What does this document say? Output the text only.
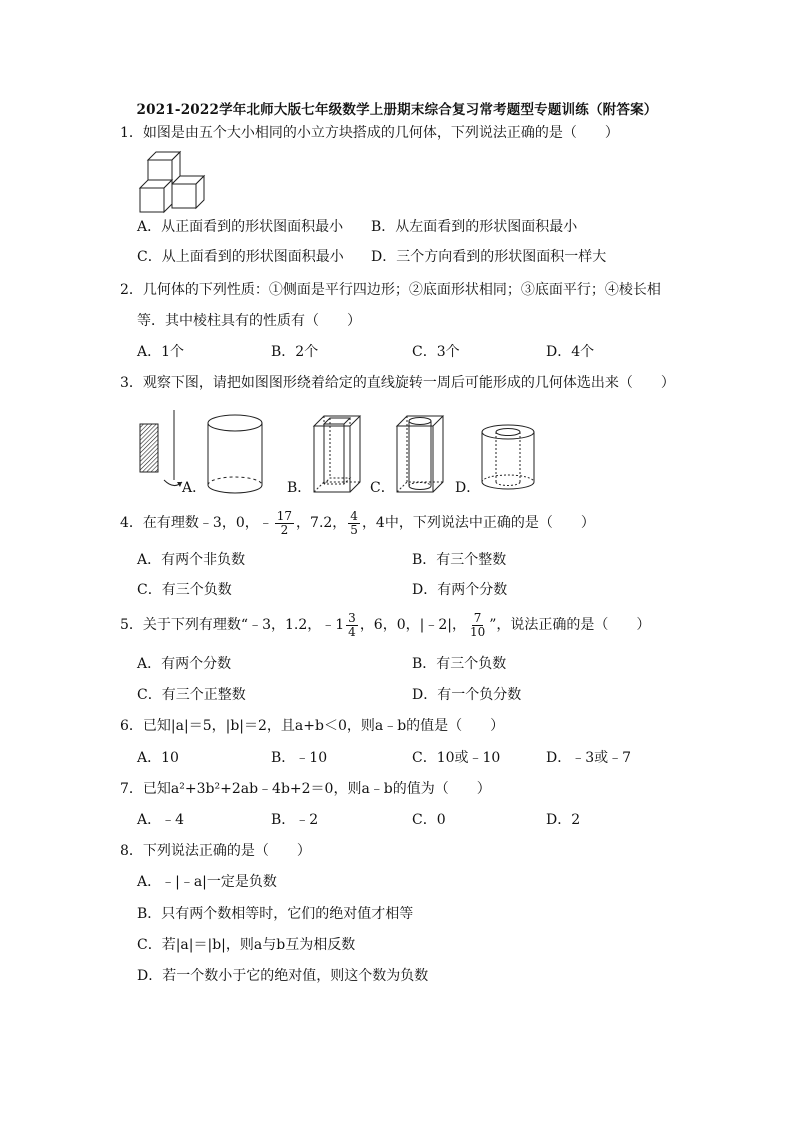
2021-2022学年北师大版七年级数学上册期末综合复习常考题型专题训练（附答案）
1．如图是由五个大小相同的小立方块搭成的几何体，下列说法正确的是（　　）
A．从正面看到的形状图面积最小 B．从左面看到的形状图面积最小
C．从上面看到的形状图面积最小 D．三个方向看到的形状图面积一样大
2．几何体的下列性质：①侧面是平行四边形；②底面形状相同；③底面平行；④棱长相
等．其中棱柱具有的性质有（　　）
A．1个	B．2个	C．3个	D．4个
3．观察下图，请把如图图形绕着给定的直线旋转一周后可能形成的几何体选出来（　　）
A．	B．	C．	D．
4．在有理数﹣3，0，﹣ $\frac{17}{2}$ ，7.2， $\frac{4}{5}$ ，4中，下列说法中正确的是（　　）
A．有两个非负数	B．有三个整数
C．有三个负数	D．有两个分数
5．关于下列有理数“﹣3，1.2，﹣1 $\frac{3}{4}$ ，6，0，|﹣2|， $\frac{7}{10}$ ”，说法正确的是（　　）
A．有两个分数	B．有三个负数
C．有三个正整数	D．有一个负分数
6．已知|a|＝5，|b|＝2，且a+b＜0，则a﹣b的值是（　　）
A．10	B．﹣10	C．10或﹣10	D．﹣3或﹣7
7．已知a²+3b²+2ab﹣4b+2＝0，则a﹣b的值为（　　）
A．﹣4	B．﹣2	C．0	D．2
8．下列说法正确的是（　　）
A．﹣|﹣a|一定是负数
B．只有两个数相等时，它们的绝对值才相等
C．若|a|＝|b|，则a与b互为相反数
D．若一个数小于它的绝对值，则这个数为负数
